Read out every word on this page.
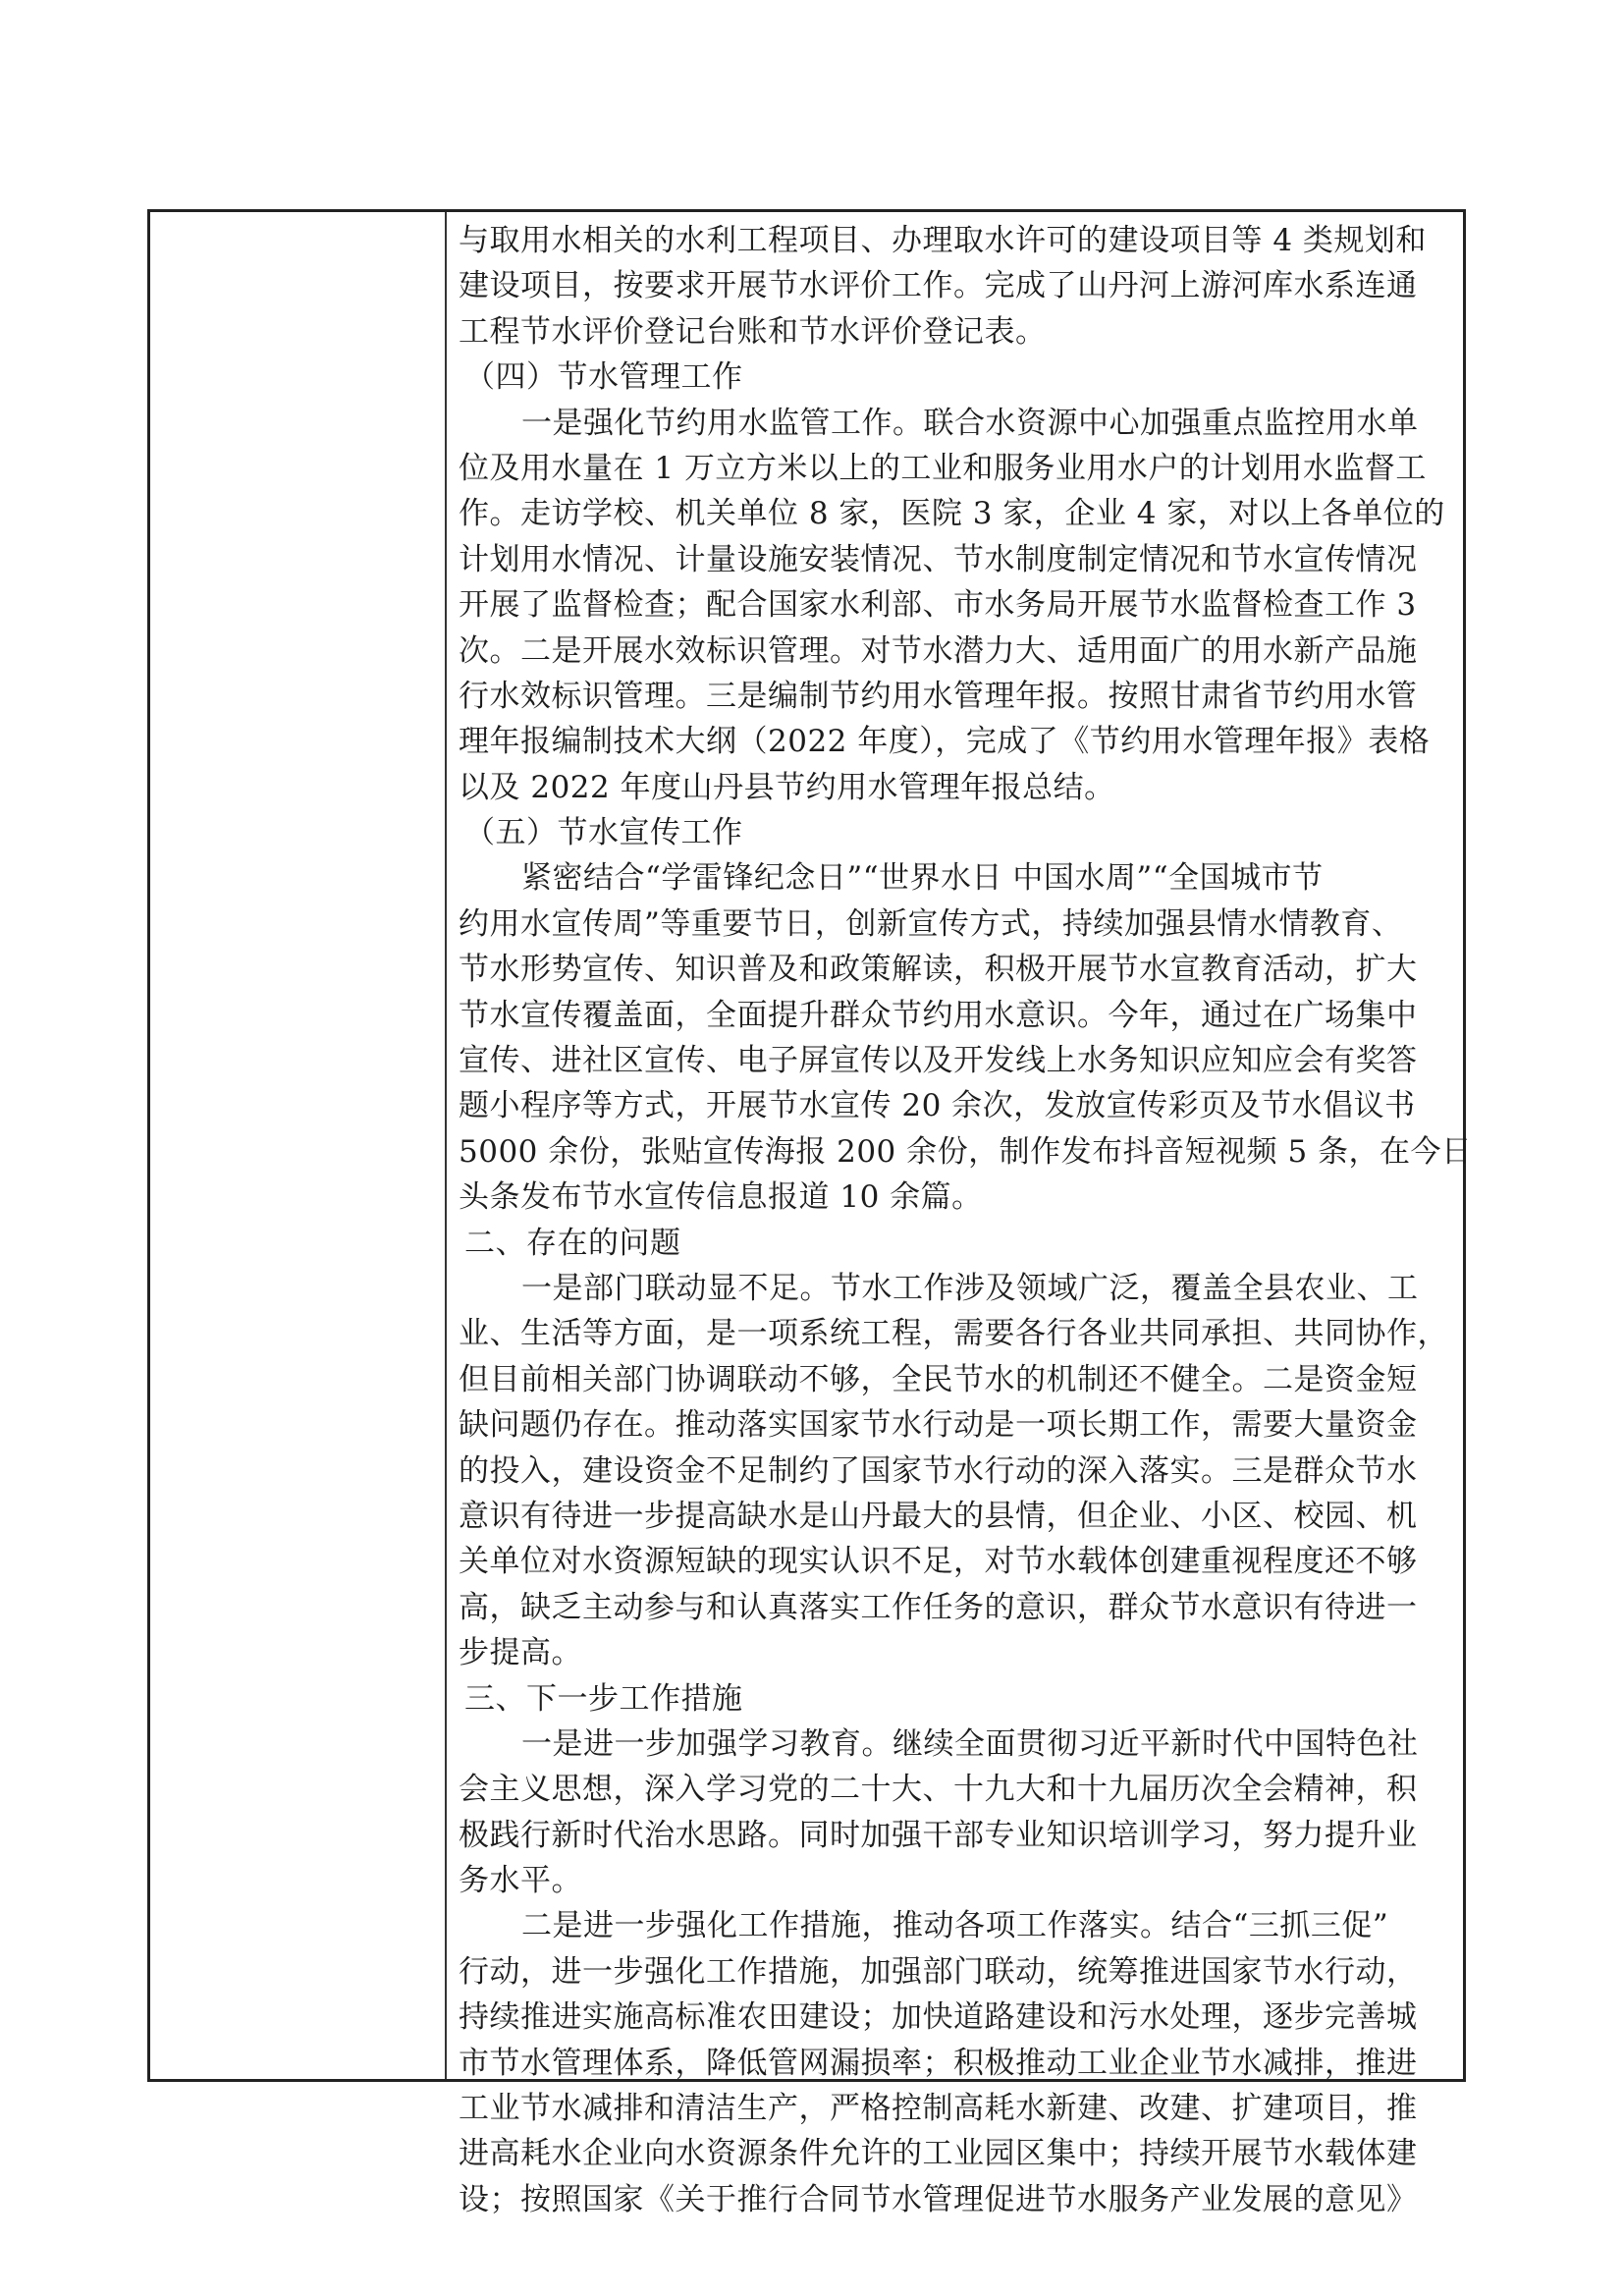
与取用水相关的水利工程项目、办理取水许可的建设项目等 4 类规划和
建设项目，按要求开展节水评价工作。完成了山丹河上游河库水系连通
工程节水评价登记台账和节水评价登记表。
（四）节水管理工作
一是强化节约用水监管工作。联合水资源中心加强重点监控用水单
位及用水量在 1 万立方米以上的工业和服务业用水户的计划用水监督工
作。走访学校、机关单位 8 家，医院 3 家，企业 4 家，对以上各单位的
计划用水情况、计量设施安装情况、节水制度制定情况和节水宣传情况
开展了监督检查；配合国家水利部、市水务局开展节水监督检查工作 3
次。二是开展水效标识管理。对节水潜力大、适用面广的用水新产品施
行水效标识管理。三是编制节约用水管理年报。按照甘肃省节约用水管
理年报编制技术大纲（2022 年度），完成了《节约用水管理年报》表格
以及 2022 年度山丹县节约用水管理年报总结。
（五）节水宣传工作
紧密结合“学雷锋纪念日”“世界水日 中国水周”“全国城市节
约用水宣传周”等重要节日，创新宣传方式，持续加强县情水情教育、
节水形势宣传、知识普及和政策解读，积极开展节水宣教育活动，扩大
节水宣传覆盖面，全面提升群众节约用水意识。今年，通过在广场集中
宣传、进社区宣传、电子屏宣传以及开发线上水务知识应知应会有奖答
题小程序等方式，开展节水宣传 20 余次，发放宣传彩页及节水倡议书
5000 余份，张贴宣传海报 200 余份，制作发布抖音短视频 5 条，在今日
头条发布节水宣传信息报道 10 余篇。
二、存在的问题
一是部门联动显不足。节水工作涉及领域广泛，覆盖全县农业、工
业、生活等方面，是一项系统工程，需要各行各业共同承担、共同协作，
但目前相关部门协调联动不够，全民节水的机制还不健全。二是资金短
缺问题仍存在。推动落实国家节水行动是一项长期工作，需要大量资金
的投入，建设资金不足制约了国家节水行动的深入落实。三是群众节水
意识有待进一步提高缺水是山丹最大的县情，但企业、小区、校园、机
关单位对水资源短缺的现实认识不足，对节水载体创建重视程度还不够
高，缺乏主动参与和认真落实工作任务的意识，群众节水意识有待进一
步提高。
三、下一步工作措施
一是进一步加强学习教育。继续全面贯彻习近平新时代中国特色社
会主义思想，深入学习党的二十大、十九大和十九届历次全会精神，积
极践行新时代治水思路。同时加强干部专业知识培训学习，努力提升业
务水平。
二是进一步强化工作措施，推动各项工作落实。结合“三抓三促”
行动，进一步强化工作措施，加强部门联动，统筹推进国家节水行动，
持续推进实施高标准农田建设；加快道路建设和污水处理，逐步完善城
市节水管理体系，降低管网漏损率；积极推动工业企业节水减排，推进
工业节水减排和清洁生产，严格控制高耗水新建、改建、扩建项目，推
进高耗水企业向水资源条件允许的工业园区集中；持续开展节水载体建
设；按照国家《关于推行合同节水管理促进节水服务产业发展的意见》
